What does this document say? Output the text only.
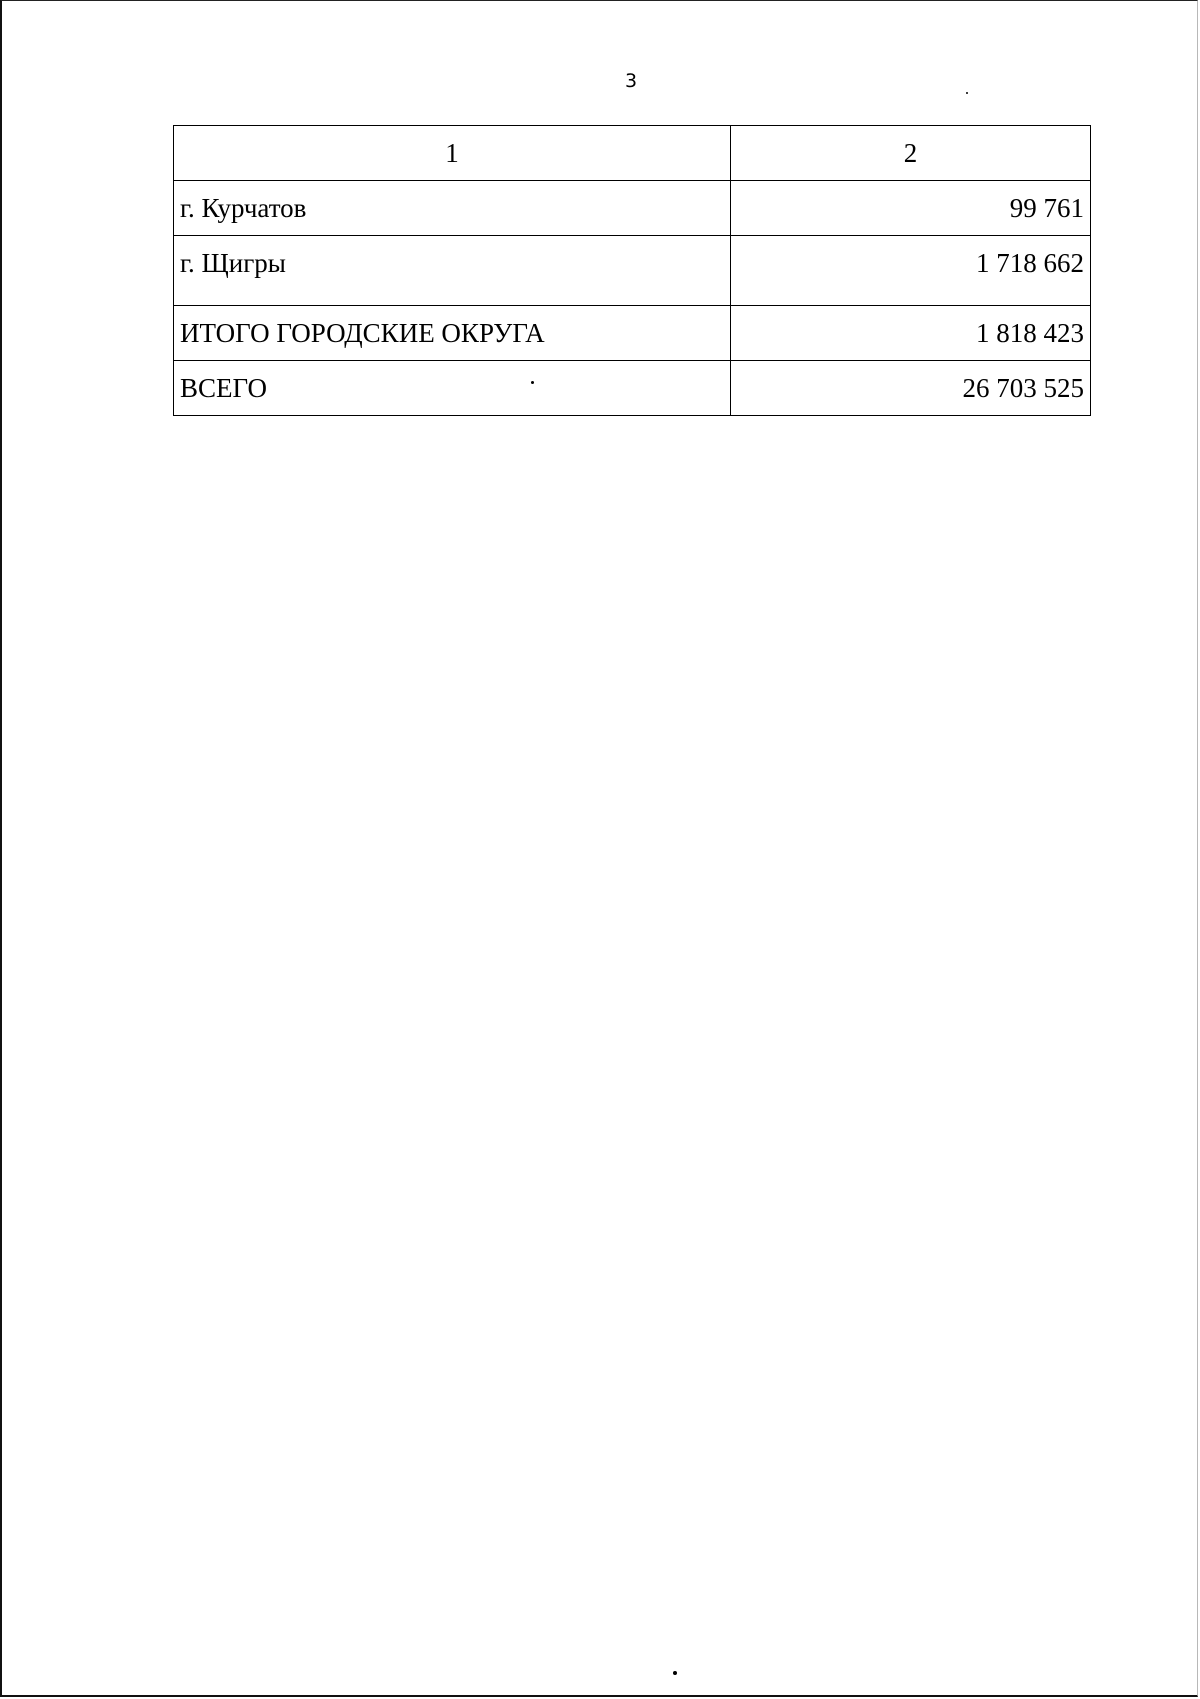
3
1	2
г. Курчатов	99 761
г. Щигры	1 718 662
ИТОГО ГОРОДСКИЕ ОКРУГА	1 818 423
ВСЕГО	26 703 525
